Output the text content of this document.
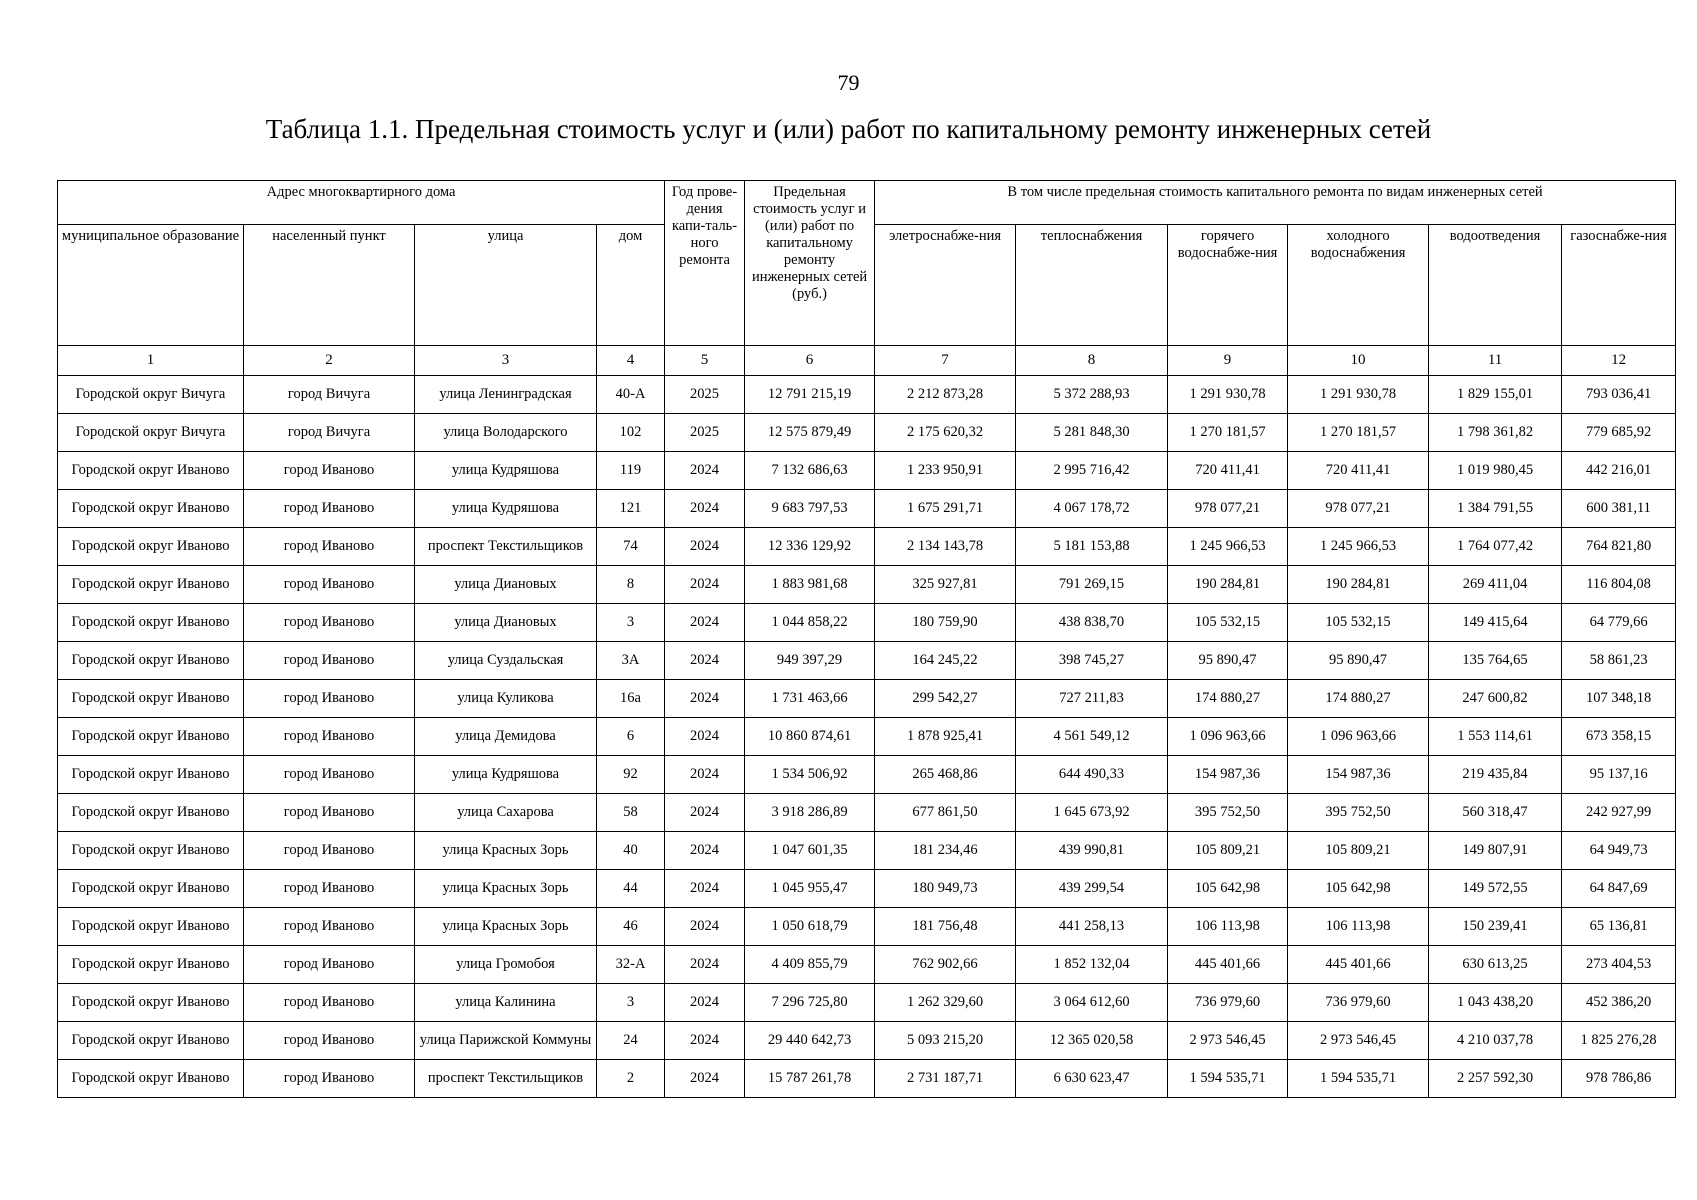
79
Таблица 1.1. Предельная стоимость услуг и (или) работ по капитальному ремонту инженерных сетей
Адрес многоквартирного дома				Год прове-дения капи-таль-ного ремонта	Предельная стоимость услуг и (или) работ по капитальному ремонту инженерных сетей (руб.)	В том числе предельная стоимость капитального ремонта по видам инженерных сетей					
муниципальное образование	населенный пункт	улица	дом			элетроснабже-ния	теплоснабжения	горячего водоснабже-ния	холодного водоснабжения	водоотведения	газоснабже-ния
1	2	3	4	5	6	7	8	9	10	11	12
Городской округ Вичуга	город Вичуга	улица Ленинградская	40-А	2025	12 791 215,19	2 212 873,28	5 372 288,93	1 291 930,78	1 291 930,78	1 829 155,01	793 036,41
Городской округ Вичуга	город Вичуга	улица Володарского	102	2025	12 575 879,49	2 175 620,32	5 281 848,30	1 270 181,57	1 270 181,57	1 798 361,82	779 685,92
Городской округ Иваново	город Иваново	улица Кудряшова	119	2024	7 132 686,63	1 233 950,91	2 995 716,42	720 411,41	720 411,41	1 019 980,45	442 216,01
Городской округ Иваново	город Иваново	улица Кудряшова	121	2024	9 683 797,53	1 675 291,71	4 067 178,72	978 077,21	978 077,21	1 384 791,55	600 381,11
Городской округ Иваново	город Иваново	проспект Текстильщиков	74	2024	12 336 129,92	2 134 143,78	5 181 153,88	1 245 966,53	1 245 966,53	1 764 077,42	764 821,80
Городской округ Иваново	город Иваново	улица Диановых	8	2024	1 883 981,68	325 927,81	791 269,15	190 284,81	190 284,81	269 411,04	116 804,08
Городской округ Иваново	город Иваново	улица Диановых	3	2024	1 044 858,22	180 759,90	438 838,70	105 532,15	105 532,15	149 415,64	64 779,66
Городской округ Иваново	город Иваново	улица Суздальская	3А	2024	949 397,29	164 245,22	398 745,27	95 890,47	95 890,47	135 764,65	58 861,23
Городской округ Иваново	город Иваново	улица Куликова	16а	2024	1 731 463,66	299 542,27	727 211,83	174 880,27	174 880,27	247 600,82	107 348,18
Городской округ Иваново	город Иваново	улица Демидова	6	2024	10 860 874,61	1 878 925,41	4 561 549,12	1 096 963,66	1 096 963,66	1 553 114,61	673 358,15
Городской округ Иваново	город Иваново	улица Кудряшова	92	2024	1 534 506,92	265 468,86	644 490,33	154 987,36	154 987,36	219 435,84	95 137,16
Городской округ Иваново	город Иваново	улица Сахарова	58	2024	3 918 286,89	677 861,50	1 645 673,92	395 752,50	395 752,50	560 318,47	242 927,99
Городской округ Иваново	город Иваново	улица Красных Зорь	40	2024	1 047 601,35	181 234,46	439 990,81	105 809,21	105 809,21	149 807,91	64 949,73
Городской округ Иваново	город Иваново	улица Красных Зорь	44	2024	1 045 955,47	180 949,73	439 299,54	105 642,98	105 642,98	149 572,55	64 847,69
Городской округ Иваново	город Иваново	улица Красных Зорь	46	2024	1 050 618,79	181 756,48	441 258,13	106 113,98	106 113,98	150 239,41	65 136,81
Городской округ Иваново	город Иваново	улица Громобоя	32-А	2024	4 409 855,79	762 902,66	1 852 132,04	445 401,66	445 401,66	630 613,25	273 404,53
Городской округ Иваново	город Иваново	улица Калинина	3	2024	7 296 725,80	1 262 329,60	3 064 612,60	736 979,60	736 979,60	1 043 438,20	452 386,20
Городской округ Иваново	город Иваново	улица Парижской Коммуны	24	2024	29 440 642,73	5 093 215,20	12 365 020,58	2 973 546,45	2 973 546,45	4 210 037,78	1 825 276,28
Городской округ Иваново	город Иваново	проспект Текстильщиков	2	2024	15 787 261,78	2 731 187,71	6 630 623,47	1 594 535,71	1 594 535,71	2 257 592,30	978 786,86
